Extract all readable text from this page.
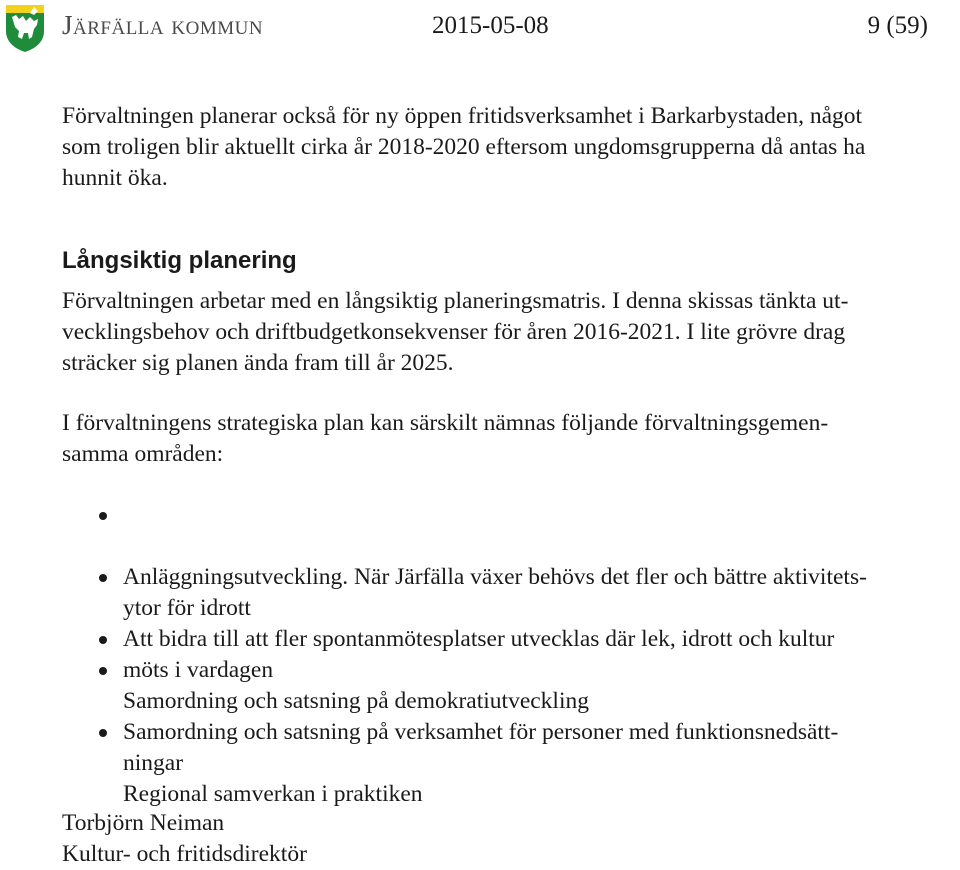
Järfälla kommun	2015-05-08	9 (59)

Förvaltningen planerar också för ny öppen fritidsverksamhet i Barkarbystaden, något
som troligen blir aktuellt cirka år 2018-2020 eftersom ungdomsgrupperna då antas ha
hunnit öka.

Långsiktig planering

Förvaltningen arbetar med en långsiktig planeringsmatris. I denna skissas tänkta ut-
vecklingsbehov och driftbudgetkonsekvenser för åren 2016-2021. I lite grövre drag
sträcker sig planen ända fram till år 2025.

I förvaltningens strategiska plan kan särskilt nämnas följande förvaltningsgemen-
samma områden:

Anläggningsutveckling. När Järfälla växer behövs det fler och bättre aktivitets-
ytor för idrott

Att bidra till att fler spontanmötesplatser utvecklas där lek, idrott och kultur
möts i vardagen

Samordning och satsning på demokratiutveckling

Samordning och satsning på verksamhet för personer med funktionsnedsätt-
ningar

Regional samverkan i praktiken

Torbjörn Neiman
Kultur- och fritidsdirektör
